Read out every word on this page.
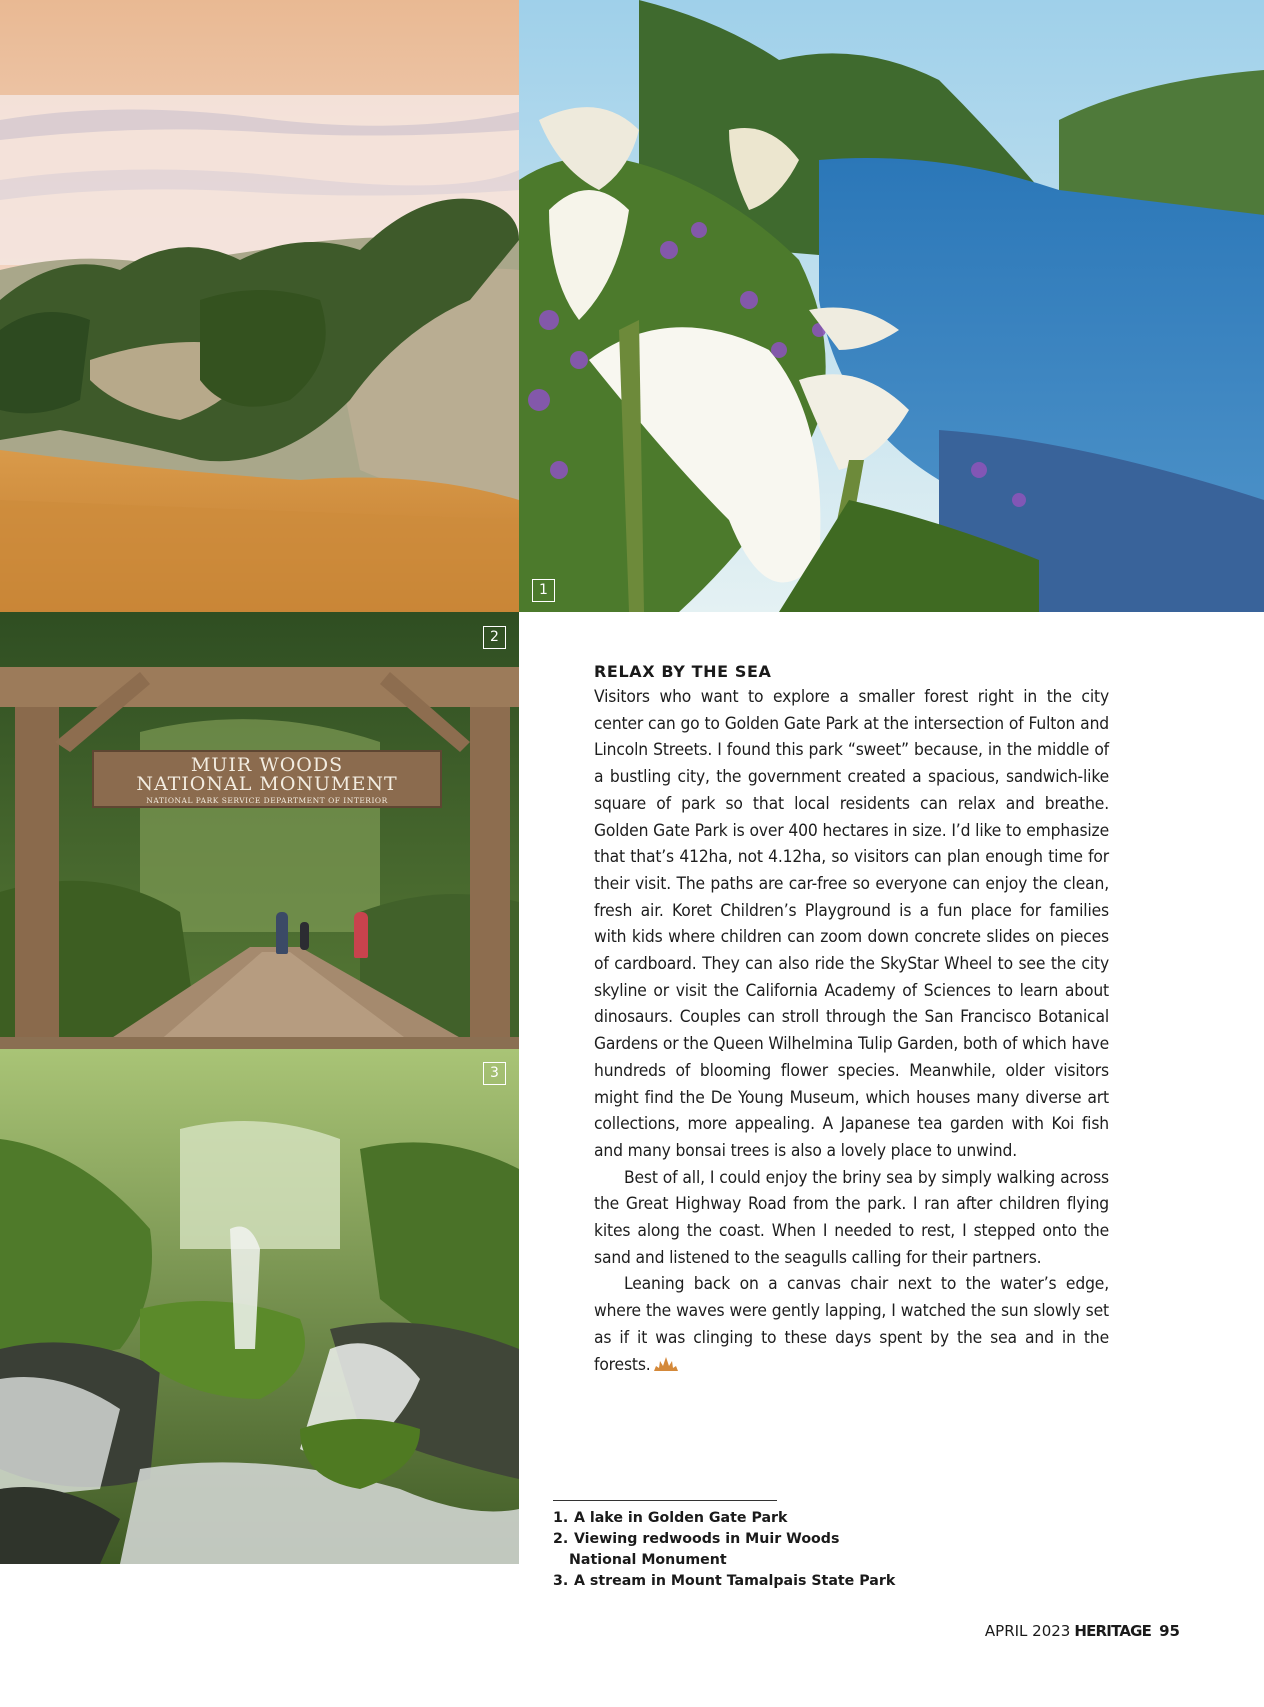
MUIR WOODS
NATIONAL MONUMENT
NATIONAL PARK SERVICE DEPARTMENT OF INTERIOR
1
2
3
RELAX BY THE SEA

Visitors who want to explore a smaller forest right in the city center can go to Golden Gate Park at the intersection of Fulton and Lincoln Streets. I found this park “sweet” because, in the middle of a bustling city, the government created a spacious, sandwich-like square of park so that local residents can relax and breathe. Golden Gate Park is over 400 hectares in size. I’d like to emphasize that that’s 412ha, not 4.12ha, so visitors can plan enough time for their visit. The paths are car-free so everyone can enjoy the clean, fresh air. Koret Children’s Playground is a fun place for families with kids where children can zoom down concrete slides on pieces of cardboard. They can also ride the SkyStar Wheel to see the city skyline or visit the California Academy of Sciences to learn about dinosaurs. Couples can stroll through the San Francisco Botanical Gardens or the Queen Wilhelmina Tulip Garden, both of which have hundreds of blooming flower species. Meanwhile, older visitors might find the De Young Museum, which houses many diverse art collections, more appealing. A Japanese tea garden with Koi fish and many bonsai trees is also a lovely place to unwind.

Best of all, I could enjoy the briny sea by simply walking across the Great Highway Road from the park. I ran after children flying kites along the coast. When I needed to rest, I stepped onto the sand and listened to the seagulls calling for their partners.

Leaning back on a canvas chair next to the water’s edge, where the waves were gently lapping, I watched the sun slowly set as if it was clinging to these days spent by the sea and in the forests.

1. A lake in Golden Gate Park

2. Viewing redwoods in Muir Woods

National Monument

3. A stream in Mount Tamalpais State Park

APRIL 2023 HERITAGE 95
